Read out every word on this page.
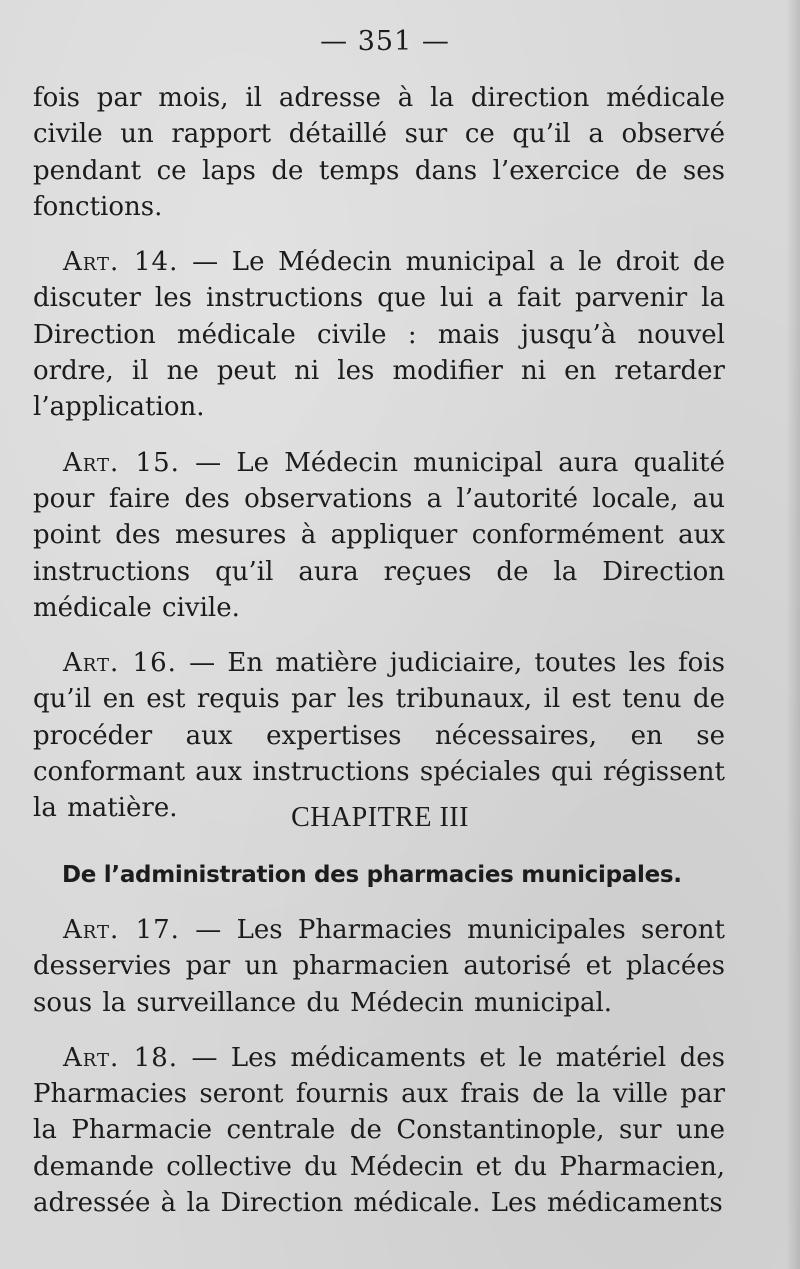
— 351 —

fois par mois, il adresse à la direction médicale civile un rapport détaillé sur ce qu’il a observé pendant ce laps de temps dans l’exercice de ses fonctions.

Art. 14. — Le Médecin municipal a le droit de discuter les instructions que lui a fait parvenir la Direction médicale civile : mais jusqu’à nouvel ordre, il ne peut ni les modifier ni en retarder l’application.

Art. 15. — Le Médecin municipal aura qualité pour faire des observations a l’autorité locale, au point des mesures à appliquer conformément aux instructions qu’il aura reçues de la Direction médicale civile.

Art. 16. — En matière judiciaire, toutes les fois qu’il en est requis par les tribunaux, il est tenu de procéder aux expertises nécessaires, en se conformant aux instructions spéciales qui régissent la matière.	CHAPITRE III
De l’administration des pharmacies municipales.

Art. 17. — Les Pharmacies municipales seront desservies par un pharmacien autorisé et placées sous la surveillance du Médecin municipal.

Art. 18. — Les médicaments et le matériel des Pharmacies seront fournis aux frais de la ville par la Pharmacie centrale de Constantinople, sur une demande collective du Médecin et du Pharmacien, adressée à la Direction médicale. Les médicaments
